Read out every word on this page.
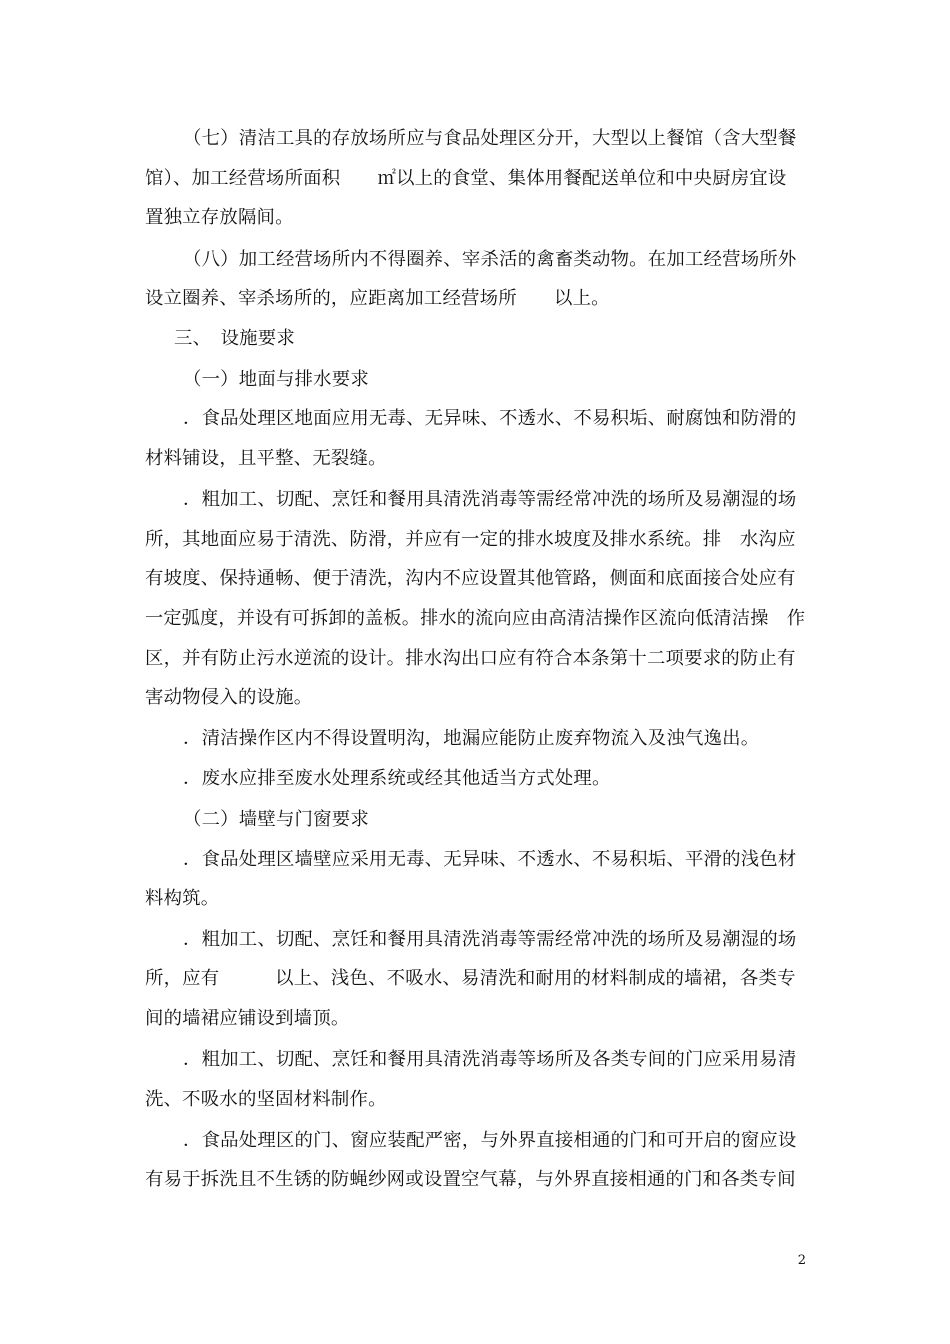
（七）清洁工具的存放场所应与食品处理区分开，大型以上餐馆（含大型餐
馆）、加工经营场所面积　　㎡以上的食堂、集体用餐配送单位和中央厨房宜设
置独立存放隔间。
（八）加工经营场所内不得圈养、宰杀活的禽畜类动物。在加工经营场所外
设立圈养、宰杀场所的，应距离加工经营场所　　以上。
三、　设施要求
（一）地面与排水要求
．食品处理区地面应用无毒、无异味、不透水、不易积垢、耐腐蚀和防滑的
材料铺设，且平整、无裂缝。
．粗加工、切配、烹饪和餐用具清洗消毒等需经常冲洗的场所及易潮湿的场
所，其地面应易于清洗、防滑，并应有一定的排水坡度及排水系统。排　水沟应
有坡度、保持通畅、便于清洗，沟内不应设置其他管路，侧面和底面接合处应有
一定弧度，并设有可拆卸的盖板。排水的流向应由高清洁操作区流向低清洁操　作
区，并有防止污水逆流的设计。排水沟出口应有符合本条第十二项要求的防止有
害动物侵入的设施。
．清洁操作区内不得设置明沟，地漏应能防止废弃物流入及浊气逸出。
．废水应排至废水处理系统或经其他适当方式处理。
（二）墙壁与门窗要求
．食品处理区墙壁应采用无毒、无异味、不透水、不易积垢、平滑的浅色材
料构筑。
．粗加工、切配、烹饪和餐用具清洗消毒等需经常冲洗的场所及易潮湿的场
所，应有　　　以上、浅色、不吸水、易清洗和耐用的材料制成的墙裙，各类专
间的墙裙应铺设到墙顶。
．粗加工、切配、烹饪和餐用具清洗消毒等场所及各类专间的门应采用易清
洗、不吸水的坚固材料制作。
．食品处理区的门、窗应装配严密，与外界直接相通的门和可开启的窗应设
有易于拆洗且不生锈的防蝇纱网或设置空气幕，与外界直接相通的门和各类专间
2
